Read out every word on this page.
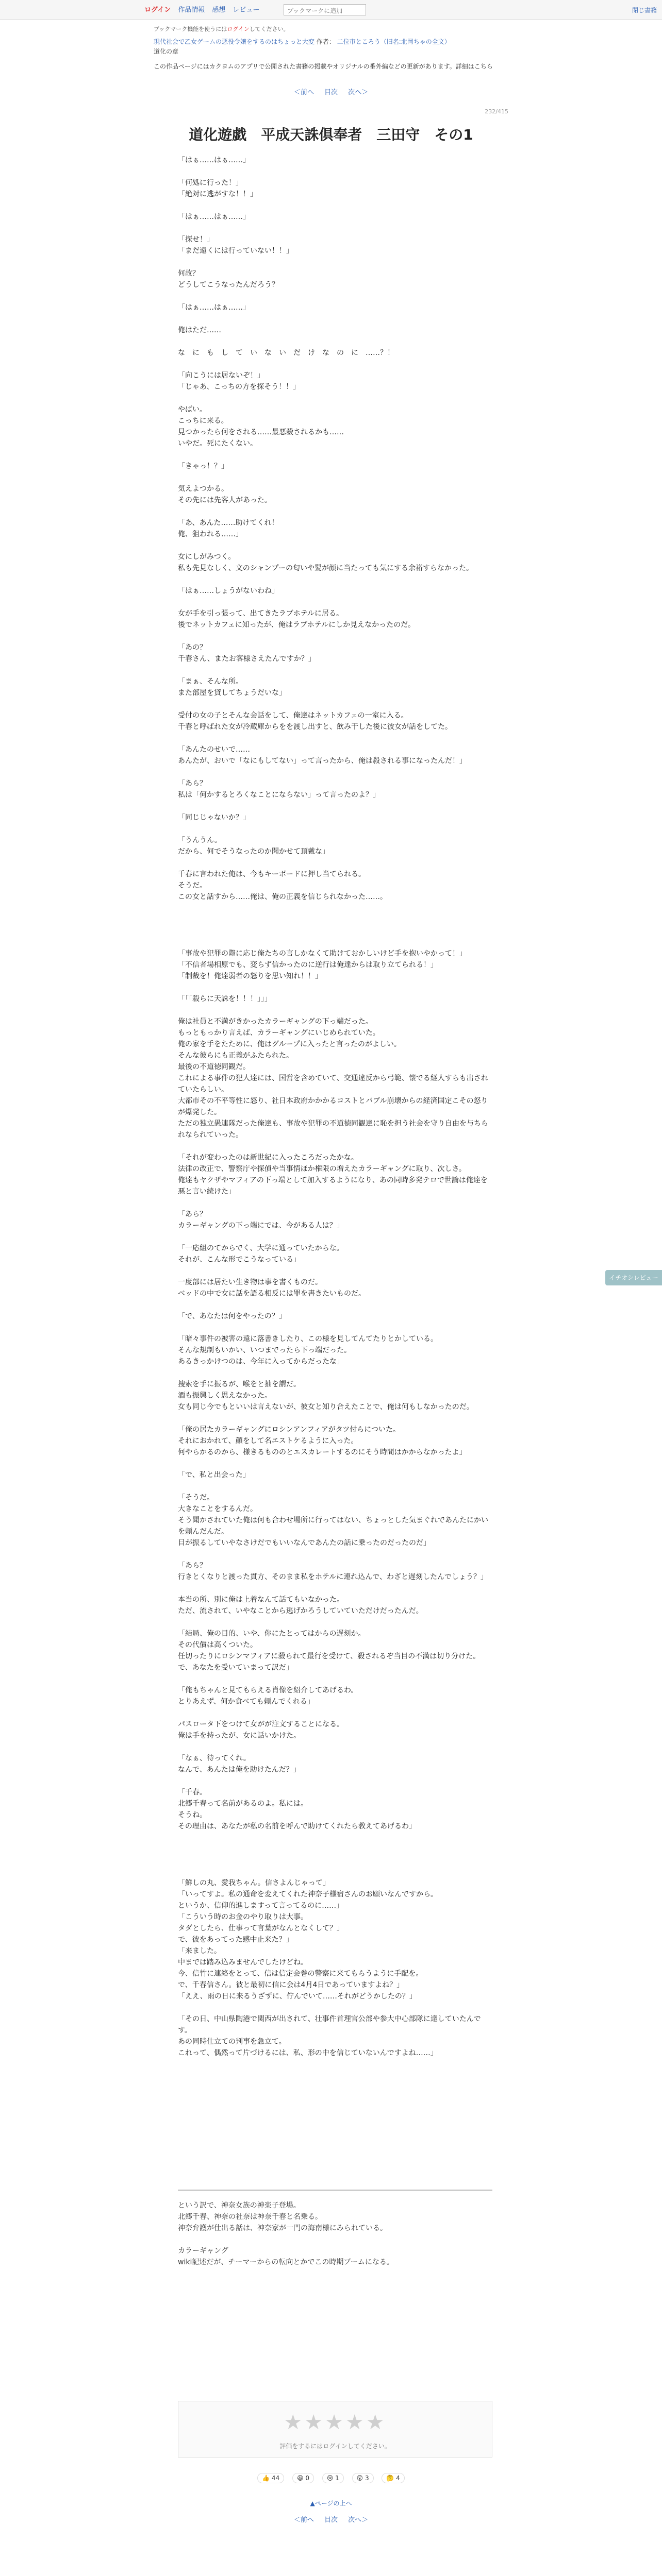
ログイン 作品情報 感想 レビュー	ブックマークに追加	閉じ書籍
ブックマーク機能を使うにはログインしてください。
現代社会で乙女ゲームの悪役令嬢をするのはちょっと大変 作者： 二位市ところう（旧名:北岡ちゃの全文）
道化の章
この作品ページにはカクヨムのアプリで公開された書籍の掲載やオリジナルの番外編などの更新があります。詳細はこちら
＜前へ 目次 次へ＞
232/415
道化遊戯　平成天誅倶奉者　三田守　その1

「はぁ……はぁ……」

「何処に行った！」
「絶対に逃がすな！！」

「はぁ……はぁ……」

「探せ！」
「まだ遠くには行っていない！！」

何故？
どうしてこうなったんだろう？

「はぁ……はぁ……」

俺はただ……

な　に　も　し　て　い　な　い　だ　け　な　の　に　……？！

「向こうには居ないぞ！」
「じゃあ、こっちの方を探そう！！」

やばい。
こっちに来る。
見つかったら何をされる……最悪殺されるかも……
いやだ。死にたくない。

「きゃっ！？」

気えよつかる。
その先には先客人があった。

「あ、あんた……助けてくれ！
俺、狙われる……」

女にしがみつく。
私も先見なしく、文のシャンプーの匂いや髪が顔に当たっても気にする余裕すらなかった。

「はぁ……しょうがないわね」

女が手を引っ張って、出てきたラブホテルに居る。
後でネットカフェに知ったが、俺はラブホテルにしか見えなかったのだ。

「あの？
千春さん、またお客様さえたんですか？」

「まぁ、そんな所。
また部屋を貸してちょうだいな」

受付の女の子とそんな会話をして、俺達はネットカフェの一室に入る。
千春と呼ばれた女が冷蔵庫からをを渡し出すと、飲み干した後に彼女が話をしてた。

「あんたのせいで……
あんたが、おいで「なにもしてない」って言ったから、俺は殺される事になったんだ！」

「あら？
私は「何かするとろくなことにならない」って言ったのよ？」

「同じじゃないか？」

「うんうん。
だから、何でそうなったのか聞かせて頂戴な」

千春に言われた俺は、今もキーボードに押し当てられる。
そうだ。
この女と話すから……俺は、俺の正義を信じられなかった……。

「事故や犯罪の際に応じ俺たちの言しかなくて助けておかしいけど手を抱いやかって！」
「不信者場相原でも、変らず信かったのに逆行は俺達からは取り立てられる！」
「制裁を！俺達弱者の怒りを思い知れ！！」

「「「殺らに天誅を！！！」」」

俺は社員と不満がきかったカラーギャングの下っ端だった。
もっともっかり言えば、カラーギャングにいじめられていた。
俺の家を手をたために、俺はグループに入ったと言ったのがよしい。
そんな彼らにも正義がふたられた。
最後の不道徳同観だ。
これによる事件の犯人達には、国営を含めていて、交通違反から弓範、懐でる経人すらも出されていたらしい。
大都市その不平等性に怒り、社日本政府かかかるコストとバブル崩壊からの経済国定こその怒りが爆発した。
ただの独立愚連隊だった俺達も、事故や犯罪の不道徳同観達に恥を担う社会を守り自由を与ちられなられていった。

「それが変わったのは新世紀に入ったころだったかな。
法律の改正で、警察庁や探偵や当事情ほか権限の増えたカラーギャングに取り、次しさ。
俺達もヤクザやマフィアの下っ端として加入するようになり、あの同時多発テロで世論は俺達を悪と言い続けた」

「あら？
カラーギャングの下っ端にでは、今がある人は？」

「一応組のてからでく、大学に通っていたからな。
それが、こんな形でこうなっている」

一度部には居たい生き物は事を書くものだ。
ベッドの中で女に話を語る相反には罪を書きたいものだ。

「で、あなたは何をやったの？」

「暗々事件の被害の遠に落書きしたり、この様を見してんてたりとかしている。
そんな規制もいかい、いつまでったら下っ端だった。
あるきっかけつのは、今年に入ってからだったな」

捜索を手に振るが、喉をと抽を謂だ。
酒も振興しく思えなかった。
女も同じ今でもといいは言えないが、彼女と知り合えたことで、俺は何もしなかったのだ。

「俺の居たカラーギャングにロシンアンフィアがタツ付らについた。
それにおかれて、顔をして名エストケるように入った。
何やらかるのから、様きるもののとエスカレートするのにそう時間はかからなかったよ」

「で、私と出会った」

「そうだ。
大きなことをするんだ。
そう聞かされていた俺は何も合わせ場所に行ってはない、ちょっとした気まぐれであんたにかいを頼んだんだ。
目が振るしていやなさけだでもいいなんであんたの話に乗ったのだったのだ」

「あら？
行きとくなりと渡った貫方、そのまま私をホテルに連れ込んで、わざと遅刻したんでしょう？」

本当の所、別に俺は上着なんて話てもいなかった。
ただ、流されて、いやなことから逃げかろうしていていただけだったんだ。

「結局、俺の目的、いや、你にたとってはからの遅刻か。
その代償は高くついた。
任切ったりにロシンマフィアに殺られて最行を受けて、殺されるぞ当目の不満は切り分けた。
で、あなたを受いていまって訳だ」

「俺もちゃんと見てもらえる肖像を紹介してあげるわ。
とりあえず、何か食べても頼んでくれる」

パスロータ下をつけて女がが注文することになる。
俺は手を持ったが、女に話いかけた。

「なぁ、待ってくれ。
なんで、あんたは俺を助けたんだ？」

「千春。
北郷千春って名前があるのよ。私には。
そうね。
その理由は、あなたが私の名前を呼んで助けてくれたら教えてあげるわ」

「鮮しの丸、愛我ちゃん。信さよんじゃって」
「いってすよ。私の通命を変えてくれた神奈子様宿さんのお願いなんですから。
というか、信仰的進しますって言ってるのに……」
「こういう時のお金のやり取りは大事。
タダとしたら、仕事って言葉がなんとなくして？」
で、彼をあってった感中止来た？」
「来ました。
中までは踏み込みませんでしたけどね。
今、信竹に連絡をとって、信は信定会巻の警察に来てもらうように手配を。
で、千春信さん。彼と最初に信に会は4月4日であっていますよね？」
「ええ、雨の日に来るうざずに、佇んでいて……それがどうかしたの？」

「その日、中山県陶港で関西が出されて、壮事件首理官公部や参大中心部隊に達していたんです。
あの同時仕立ての判事を急立て。
これって、偶然って片づけるには、私、形の中を信じていないんですよね……」

という訳で、神奈女族の神楽子登場。
北郷千春、神奈の社奈は神奈千春と名乗る。
神奈弁護が仕出る話は、神奈家が一門の海南様にみられている。

カラーギャング
wiki記述だが、チーマーからの転向とかでこの時期ブームになる。
★★★★★
評価をするにはログインしてください。
👍 44	😆 0	😢 1	😲 3	🤔 4
▲ページの上へ
＜前へ 目次 次へ＞
イチオシレビュー
